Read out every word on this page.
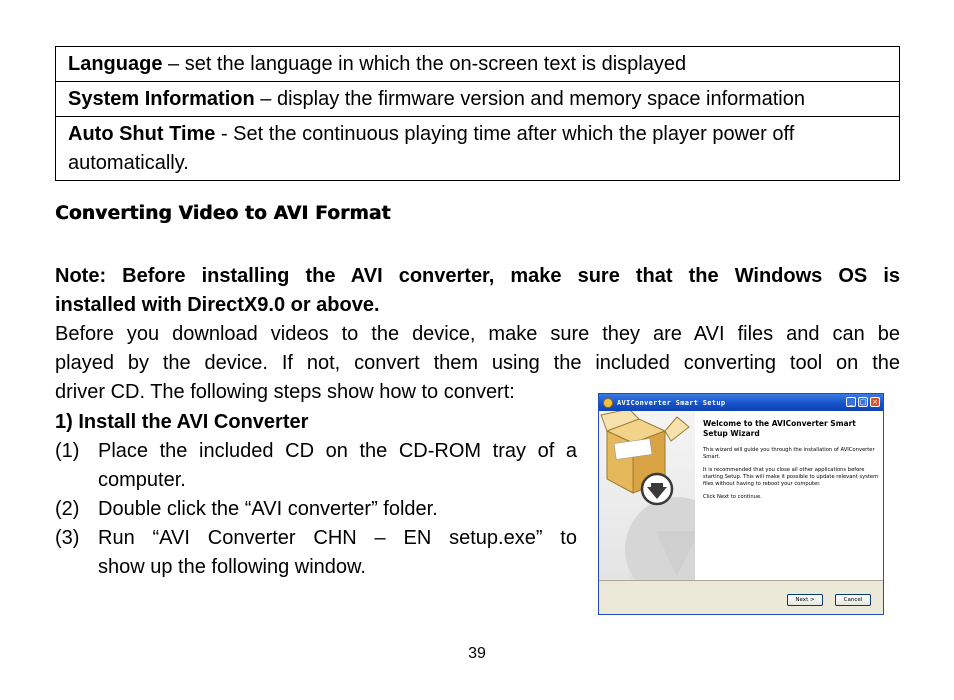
Language – set the language in which the on-screen text is displayed
System Information – display the firmware version and memory space information
Auto Shut Time - Set the continuous playing time after which the player power off
automatically.
Converting Video to AVI Format
Note: Before installing the AVI converter, make sure that the Windows OS is
installed with DirectX9.0 or above.
Before you download videos to the device, make sure they are AVI files and can be
played by the device. If not, convert them using the included converting tool on the
driver CD. The following steps show how to convert:
1) Install the AVI Converter
(1) Place the included CD on the CD-ROM tray of a
computer.
(2) Double click the “AVI converter” folder.
(3) Run “AVI Converter CHN – EN setup.exe” to
show up the following window.
AVIConverter Smart Setup	_ □ ×
Welcome to the AVIConverter Smart Setup Wizard
This wizard will guide you through the installation of AVIConverter Smart.
It is recommended that you close all other applications before starting Setup. This will make it possible to update relevant system files without having to reboot your computer.
Click Next to continue.
Next >	Cancel
39
